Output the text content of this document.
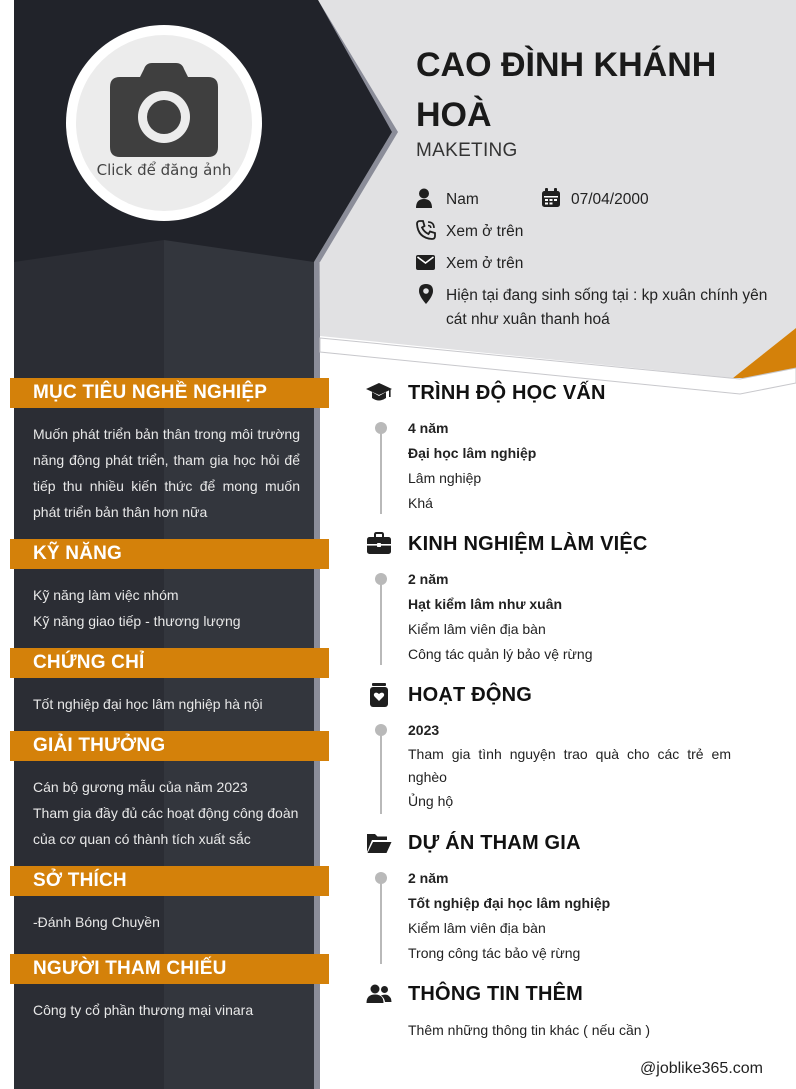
Click để đăng ảnh
CAO ĐÌNH KHÁNH HOÀ
MAKETING
Nam	07/04/2000
Xem ở trên
Xem ở trên
Hiện tại đang sinh sống tại : kp xuân chính yên cát như xuân thanh hoá
MỤC TIÊU NGHỀ NGHIỆP
Muốn phát triển bản thân trong môi trường năng động phát triển, tham gia học hỏi để tiếp thu nhiều kiến thức để mong muốn phát triển bản thân hơn nữa
KỸ NĂNG
Kỹ năng làm việc nhóm
Kỹ năng giao tiếp - thương lượng
CHỨNG CHỈ
Tốt nghiệp đại học lâm nghiệp hà nội
GIẢI THƯỞNG
Cán bộ gương mẫu của năm 2023
Tham gia đầy đủ các hoạt động công đoàn của cơ quan có thành tích xuất sắc
SỞ THÍCH
-Đánh Bóng Chuyền
NGƯỜI THAM CHIẾU
Công ty cổ phần thương mại vinara
TRÌNH ĐỘ HỌC VẤN
4 năm
Đại học lâm nghiệp
Lâm nghiệp
Khá
KINH NGHIỆM LÀM VIỆC
2 năm
Hạt kiểm lâm như xuân
Kiểm lâm viên địa bàn
Công tác quản lý bảo vệ rừng
HOẠT ĐỘNG
2023
Tham gia tình nguyện trao quà cho các trẻ em nghèo
Ủng hộ
DỰ ÁN THAM GIA
2 năm
Tốt nghiệp đại học lâm nghiệp
Kiểm lâm viên địa bàn
Trong công tác bảo vệ rừng
THÔNG TIN THÊM
Thêm những thông tin khác ( nếu cần )
@joblike365.com
